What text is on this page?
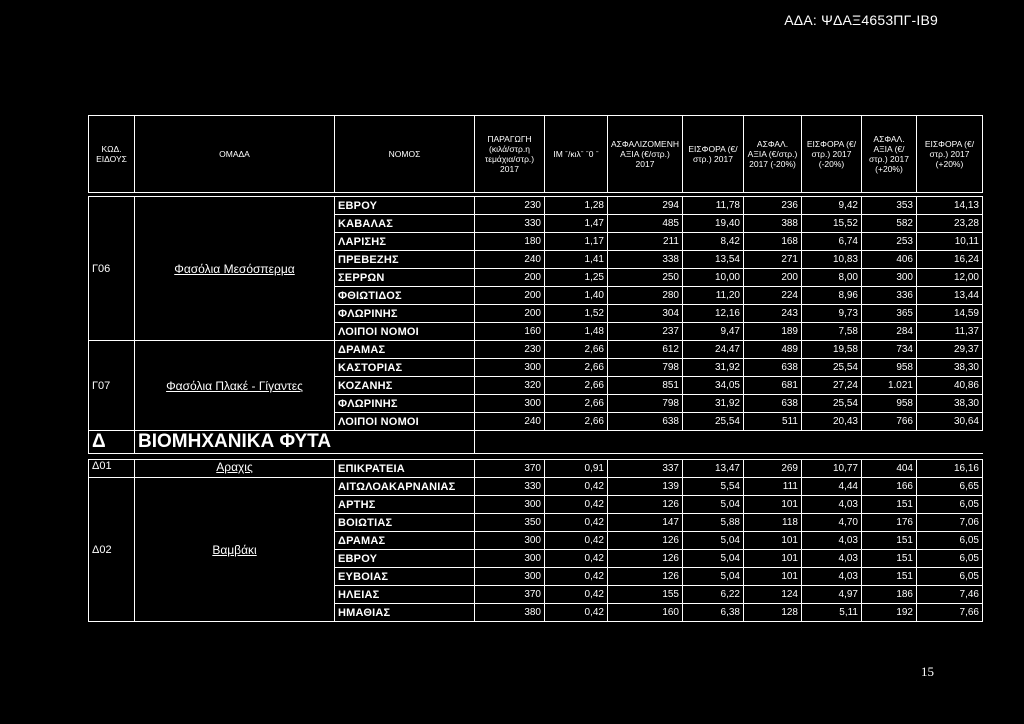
ΑΔΑ: ΨΔΑΞ4653ΠΓ-ΙΒ9
ΚΩΔ. ΕΙΔΟΥΣ	ΟΜΑΔΑ	ΝΟΜΟΣ	ΠΑΡΑΓΩΓΗ (κιλά/στρ.η τεμάχια/στρ.) 2017	ΙΜ ˉ/κιλˉ ˉ0 ˉ	ΑΣΦΑΛΙΖΟΜΕΝΗ ΑΞΙΑ (€/στρ.) 2017	ΕΙΣΦΟΡΑ (€/στρ.) 2017	ΑΣΦΑΛ. ΑΞΙΑ (€/στρ.) 2017 (-20%)	ΕΙΣΦΟΡΑ (€/στρ.) 2017 (-20%)	ΑΣΦΑΛ. ΑΞΙΑ (€/στρ.) 2017 (+20%)	ΕΙΣΦΟΡΑ (€/στρ.) 2017 (+20%)

Γ06	Φασόλια Μεσόσπερμα	ΕΒΡΟΥ	230	1,28	294	11,78	236	9,42	353	14,13
		ΚΑΒΑΛΑΣ	330	1,47	485	19,40	388	15,52	582	23,28
		ΛΑΡΙΣΗΣ	180	1,17	211	8,42	168	6,74	253	10,11
		ΠΡΕΒΕΖΗΣ	240	1,41	338	13,54	271	10,83	406	16,24
		ΣΕΡΡΩΝ	200	1,25	250	10,00	200	8,00	300	12,00
		ΦΘΙΩΤΙΔΟΣ	200	1,40	280	11,20	224	8,96	336	13,44
		ΦΛΩΡΙΝΗΣ	200	1,52	304	12,16	243	9,73	365	14,59
		ΛΟΙΠΟΙ ΝΟΜΟΙ	160	1,48	237	9,47	189	7,58	284	11,37
Γ07	Φασόλια Πλακέ - Γίγαντες	ΔΡΑΜΑΣ	230	2,66	612	24,47	489	19,58	734	29,37
		ΚΑΣΤΟΡΙΑΣ	300	2,66	798	31,92	638	25,54	958	38,30
		ΚΟΖΑΝΗΣ	320	2,66	851	34,05	681	27,24	1.021	40,86
		ΦΛΩΡΙΝΗΣ	300	2,66	798	31,92	638	25,54	958	38,30
		ΛΟΙΠΟΙ ΝΟΜΟΙ	240	2,66	638	25,54	511	20,43	766	30,64
Δ	ΒΙΟΜΗΧΑΝΙΚΑ ΦΥΤΑ									

Δ01	Αραχις	ΕΠΙΚΡΑΤΕΙΑ	370	0,91	337	13,47	269	10,77	404	16,16
Δ02	Βαμβάκι	ΑΙΤΩΛΟΑΚΑΡΝΑΝΙΑΣ	330	0,42	139	5,54	111	4,44	166	6,65
		ΑΡΤΗΣ	300	0,42	126	5,04	101	4,03	151	6,05
		ΒΟΙΩΤΙΑΣ	350	0,42	147	5,88	118	4,70	176	7,06
		ΔΡΑΜΑΣ	300	0,42	126	5,04	101	4,03	151	6,05
		ΕΒΡΟΥ	300	0,42	126	5,04	101	4,03	151	6,05
		ΕΥΒΟΙΑΣ	300	0,42	126	5,04	101	4,03	151	6,05
		ΗΛΕΙΑΣ	370	0,42	155	6,22	124	4,97	186	7,46
		ΗΜΑΘΙΑΣ	380	0,42	160	6,38	128	5,11	192	7,66
15
